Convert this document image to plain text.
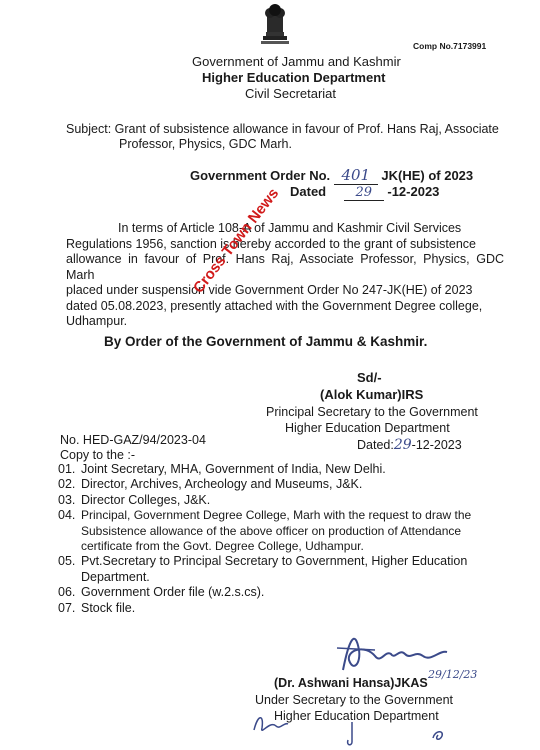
Comp No.7173991
Government of Jammu and Kashmir
Higher Education Department
Civil Secretariat
Subject: Grant of subsistence allowance in favour of Prof. Hans Raj, Associate
Professor, Physics, GDC Marh.
Government Order No. 401 JK(HE) of 2023
Dated 29 -12-2023
In terms of Article 108-A of Jammu and Kashmir Civil Services
Regulations 1956, sanction is hereby accorded to the grant of subsistence
allowance in favour of Prof. Hans Raj, Associate Professor, Physics, GDC Marh
placed under suspension vide Government Order No 247-JK(HE) of 2023
dated 05.08.2023, presently attached with the Government Degree college,
Udhampur.
Cross Town News
By Order of the Government of Jammu & Kashmir.
Sd/-
(Alok Kumar)IRS
Principal Secretary to the Government
Higher Education Department
Dated:29-12-2023
No. HED-GAZ/94/2023-04
Copy to the :-
01. Joint Secretary, MHA, Government of India, New Delhi.
02. Director, Archives, Archeology and Museums, J&K.
03. Director Colleges, J&K.
04. Principal, Government Degree College, Marh with the request to draw the
Subsistence allowance of the above officer on production of Attendance
certificate from the Govt. Degree College, Udhampur.
05. Pvt.Secretary to Principal Secretary to Government, Higher Education
Department.
06. Government Order file (w.2.s.cs).
07. Stock file.
29/12/23
(Dr. Ashwani Hansa)JKAS
Under Secretary to the Government
Higher Education Department
